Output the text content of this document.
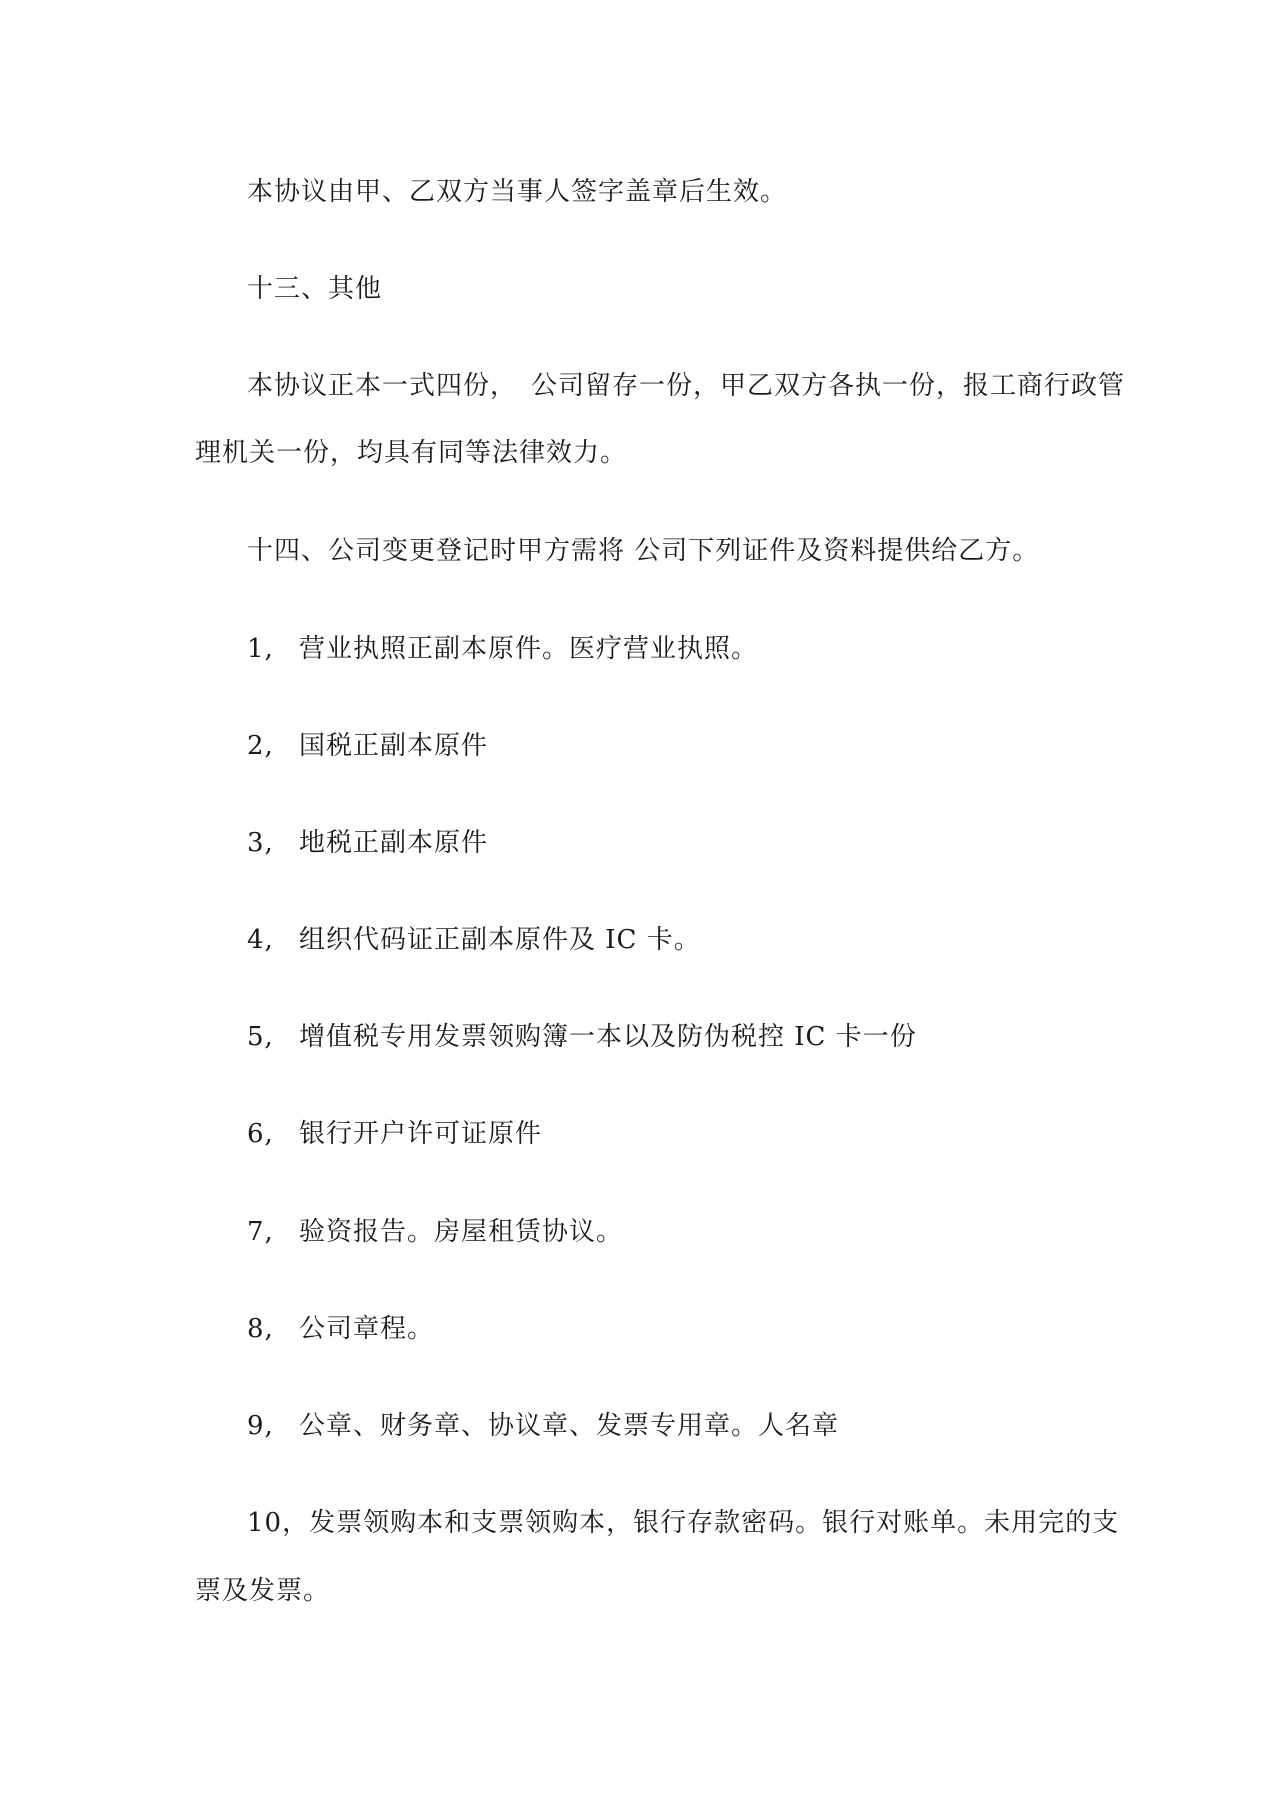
本协议由甲、乙双方当事人签字盖章后生效。
十三、其他
本协议正本一式四份，　公司留存一份，甲乙双方各执一份，报工商行政管
理机关一份，均具有同等法律效力。
十四、公司变更登记时甲方需将 公司下列证件及资料提供给乙方。
1, 营业执照正副本原件。医疗营业执照。
2, 国税正副本原件
3, 地税正副本原件
4, 组织代码证正副本原件及 IC 卡。
5, 增值税专用发票领购簿一本以及防伪税控 IC 卡一份
6, 银行开户许可证原件
7, 验资报告。房屋租赁协议。
8, 公司章程。
9, 公章、财务章、协议章、发票专用章。人名章
10，发票领购本和支票领购本，银行存款密码。银行对账单。未用完的支
票及发票。
